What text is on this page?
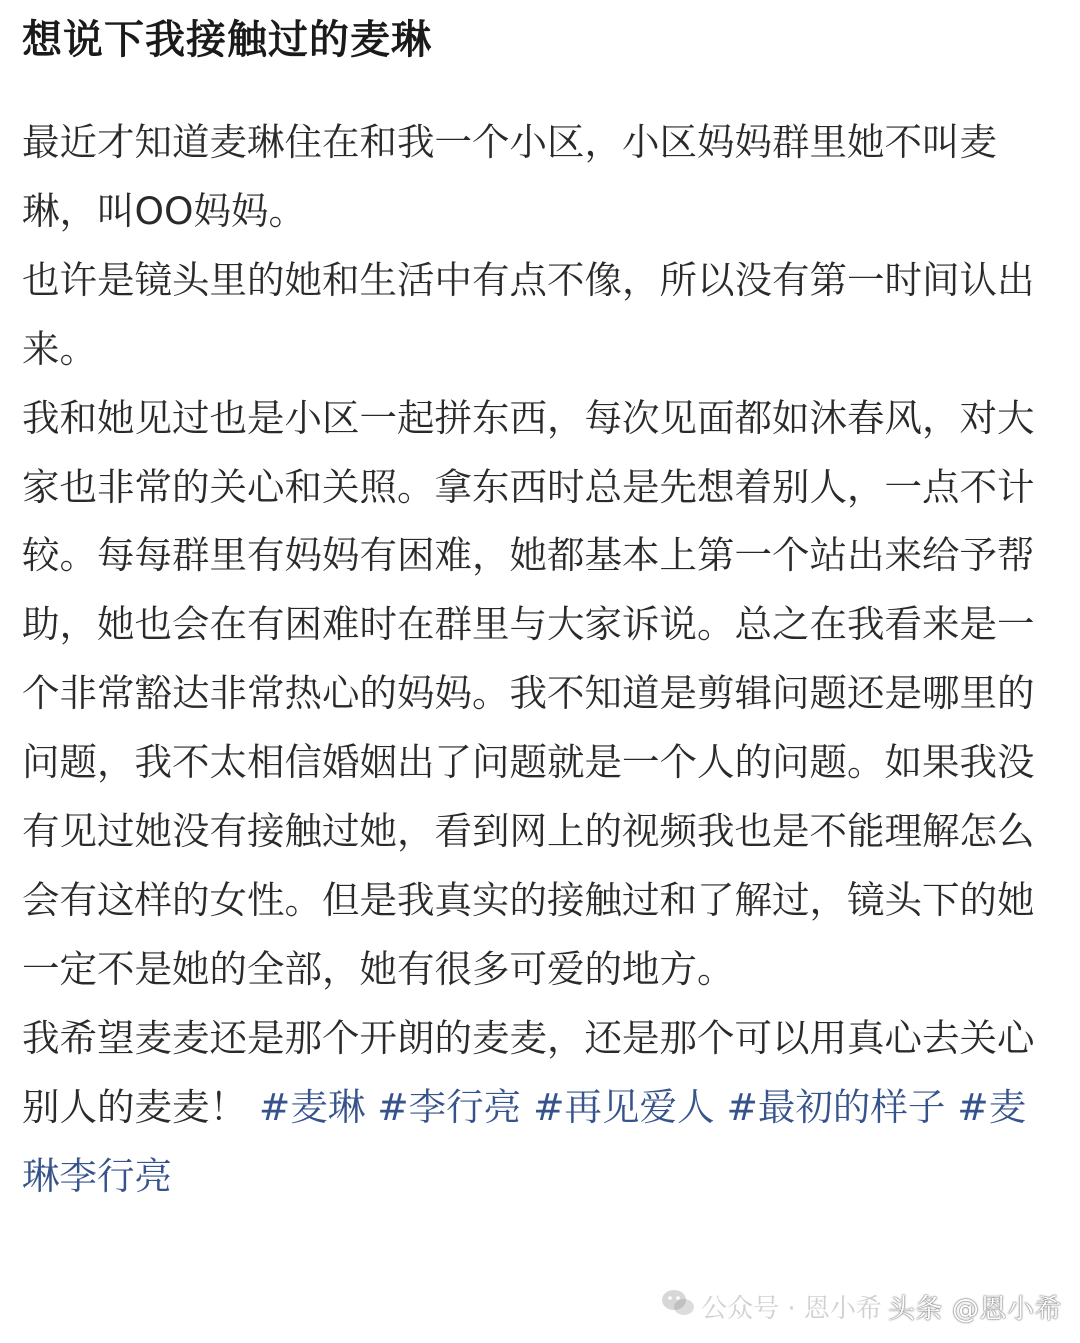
想说下我接触过的麦琳

最近才知道麦琳住在和我一个小区，小区妈妈群里她不叫麦琳，叫OO妈妈。

也许是镜头里的她和生活中有点不像，所以没有第一时间认出来。

我和她见过也是小区一起拼东西，每次见面都如沐春风，对大家也非常的关心和关照。拿东西时总是先想着别人，一点不计较。每每群里有妈妈有困难，她都基本上第一个站出来给予帮助，她也会在有困难时在群里与大家诉说。总之在我看来是一个非常豁达非常热心的妈妈。我不知道是剪辑问题还是哪里的问题，我不太相信婚姻出了问题就是一个人的问题。如果我没有见过她没有接触过她，看到网上的视频我也是不能理解怎么会有这样的女性。但是我真实的接触过和了解过，镜头下的她一定不是她的全部，她有很多可爱的地方。

我希望麦麦还是那个开朗的麦麦，还是那个可以用真心去关心别人的麦麦！ #麦琳 #李行亮 #再见爱人 #最初的样子 #麦琳李行亮

公众号 · 恩小希 头条 @恩小希
